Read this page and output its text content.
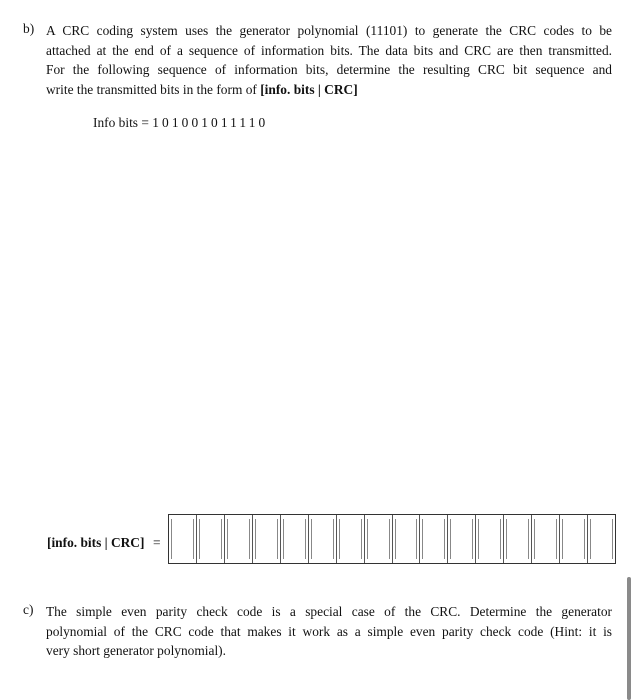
b) A CRC coding system uses the generator polynomial (11101) to generate the CRC codes to be
attached at the end of a sequence of information bits. The data bits and CRC are then transmitted.
For the following sequence of information bits, determine the resulting CRC bit sequence and
write the transmitted bits in the form of [info. bits | CRC]
Info bits = 101001011110
[info. bits | CRC] =
c) The simple even parity check code is a special case of the CRC. Determine the generator
polynomial of the CRC code that makes it work as a simple even parity check code (Hint: it is
very short generator polynomial).
